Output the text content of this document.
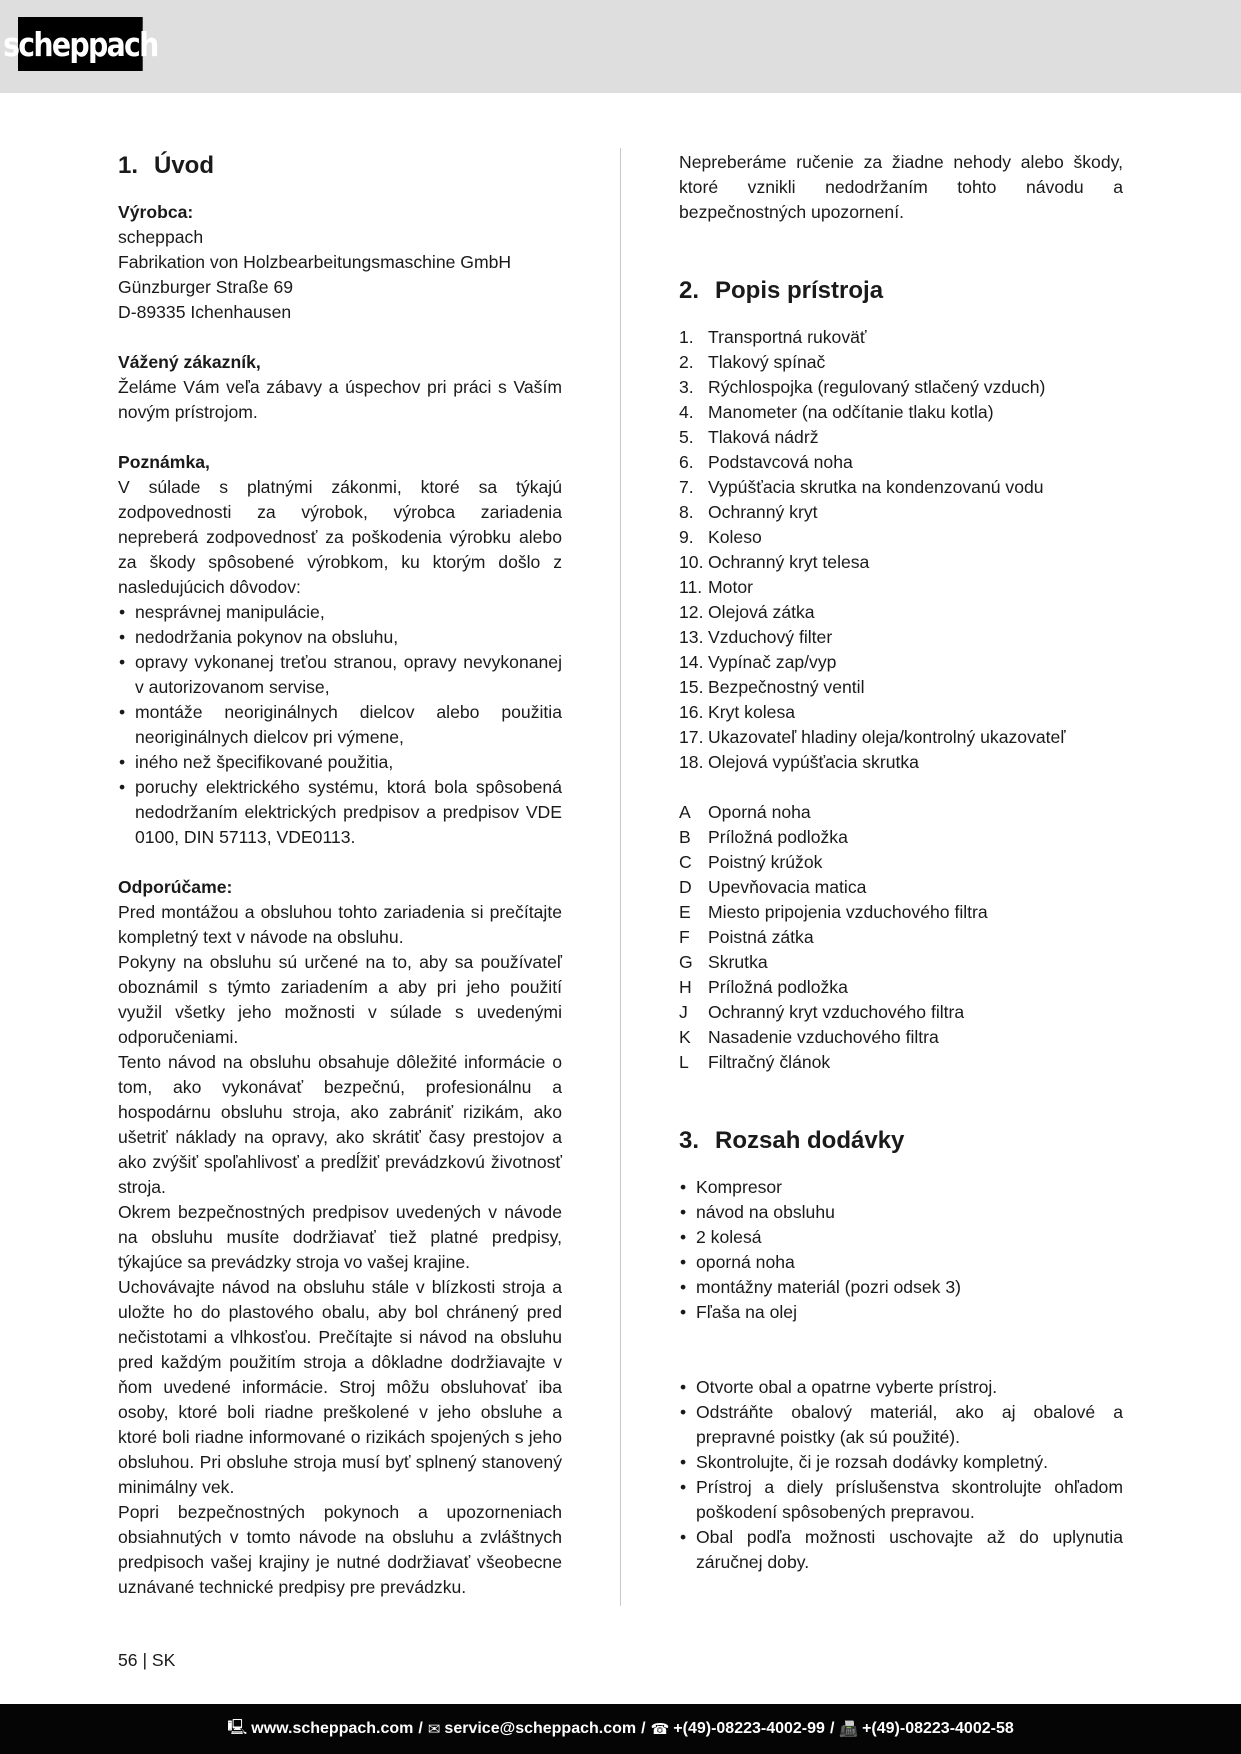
scheppach
1. Úvod
Výrobca:
scheppach
Fabrikation von Holzbearbeitungsmaschine GmbH
Günzburger Straße 69
D-89335 Ichenhausen
Vážený zákazník,

Želáme Vám veľa zábavy a úspechov pri práci s Vaším novým prístrojom.

Poznámka,

V súlade s platnými zákonmi, ktoré sa týkajú zodpovednosti za výrobok, výrobca zariadenia nepreberá zodpovednosť za poškodenia výrobku alebo za škody spôsobené výrobkom, ku ktorým došlo z nasledujúcich dôvodov:

• nesprávnej manipulácie,
• nedodržania pokynov na obsluhu,
• opravy vykonanej treťou stranou, opravy nevykonanej v autorizovanom servise,
• montáže neoriginálnych dielcov alebo použitia neoriginálnych dielcov pri výmene,
• iného než špecifikované použitia,
• poruchy elektrického systému, ktorá bola spôsobená nedodržaním elektrických predpisov a predpisov VDE 0100, DIN 57113, VDE0113.
Odporúčame:

Pred montážou a obsluhou tohto zariadenia si prečítajte kompletný text v návode na obsluhu.

Pokyny na obsluhu sú určené na to, aby sa používateľ oboznámil s týmto zariadením a aby pri jeho použití využil všetky jeho možnosti v súlade s uvedenými odporučeniami.

Tento návod na obsluhu obsahuje dôležité informácie o tom, ako vykonávať bezpečnú, profesionálnu a hospodárnu obsluhu stroja, ako zabrániť rizikám, ako ušetriť náklady na opravy, ako skrátiť časy prestojov a ako zvýšiť spoľahlivosť a predĺžiť prevádzkovú životnosť stroja.

Okrem bezpečnostných predpisov uvedených v návode na obsluhu musíte dodržiavať tiež platné predpisy, týkajúce sa prevádzky stroja vo vašej krajine.

Uchovávajte návod na obsluhu stále v blízkosti stroja a uložte ho do plastového obalu, aby bol chránený pred nečistotami a vlhkosťou. Prečítajte si návod na obsluhu pred každým použitím stroja a dôkladne dodržiavajte v ňom uvedené informácie. Stroj môžu obsluhovať iba osoby, ktoré boli riadne preškolené v jeho obsluhe a ktoré boli riadne informované o rizikách spojených s jeho obsluhou. Pri obsluhe stroja musí byť splnený stanovený minimálny vek.

Popri bezpečnostných pokynoch a upozorneniach obsiahnutých v tomto návode na obsluhu a zvláštnych predpisoch vašej krajiny je nutné dodržiavať všeobecne uznávané technické predpisy pre prevádzku.

Nepreberáme ručenie za žiadne nehody alebo škody, ktoré vznikli nedodržaním tohto návodu a bezpečnostných upozornení.

2. Popis prístroja
1. Transportná rukoväť
2. Tlakový spínač
3. Rýchlospojka (regulovaný stlačený vzduch)
4. Manometer (na odčítanie tlaku kotla)
5. Tlaková nádrž
6. Podstavcová noha
7. Vypúšťacia skrutka na kondenzovanú vodu
8. Ochranný kryt
9. Koleso
10. Ochranný kryt telesa
11. Motor
12. Olejová zátka
13. Vzduchový filter
14. Vypínač zap/vyp
15. Bezpečnostný ventil
16. Kryt kolesa
17. Ukazovateľ hladiny oleja/kontrolný ukazovateľ
18. Olejová vypúšťacia skrutka
A Oporná noha
B Príložná podložka
C Poistný krúžok
D Upevňovacia matica
E Miesto pripojenia vzduchového filtra
F	Poistná zátka
G Skrutka
H Príložná podložka
J	Ochranný kryt vzduchového filtra
K Nasadenie vzduchového filtra
L	Filtračný článok
3. Rozsah dodávky
• Kompresor
• návod na obsluhu
• 2 kolesá
• oporná noha
• montážny materiál (pozri odsek 3)
• Fľaša na olej
• Otvorte obal a opatrne vyberte prístroj.
• Odstráňte obalový materiál, ako aj obalové a prepravné poistky (ak sú použité).
• Skontrolujte, či je rozsah dodávky kompletný.
• Prístroj a diely príslušenstva skontrolujte ohľadom poškodení spôsobených prepravou.
• Obal podľa možnosti uschovajte až do uplynutia záručnej doby.
56 | SK
🖳 www.scheppach.com / ✉ service@scheppach.com / ☎ +(49)-08223-4002-99 / 📠 +(49)-08223-4002-58
